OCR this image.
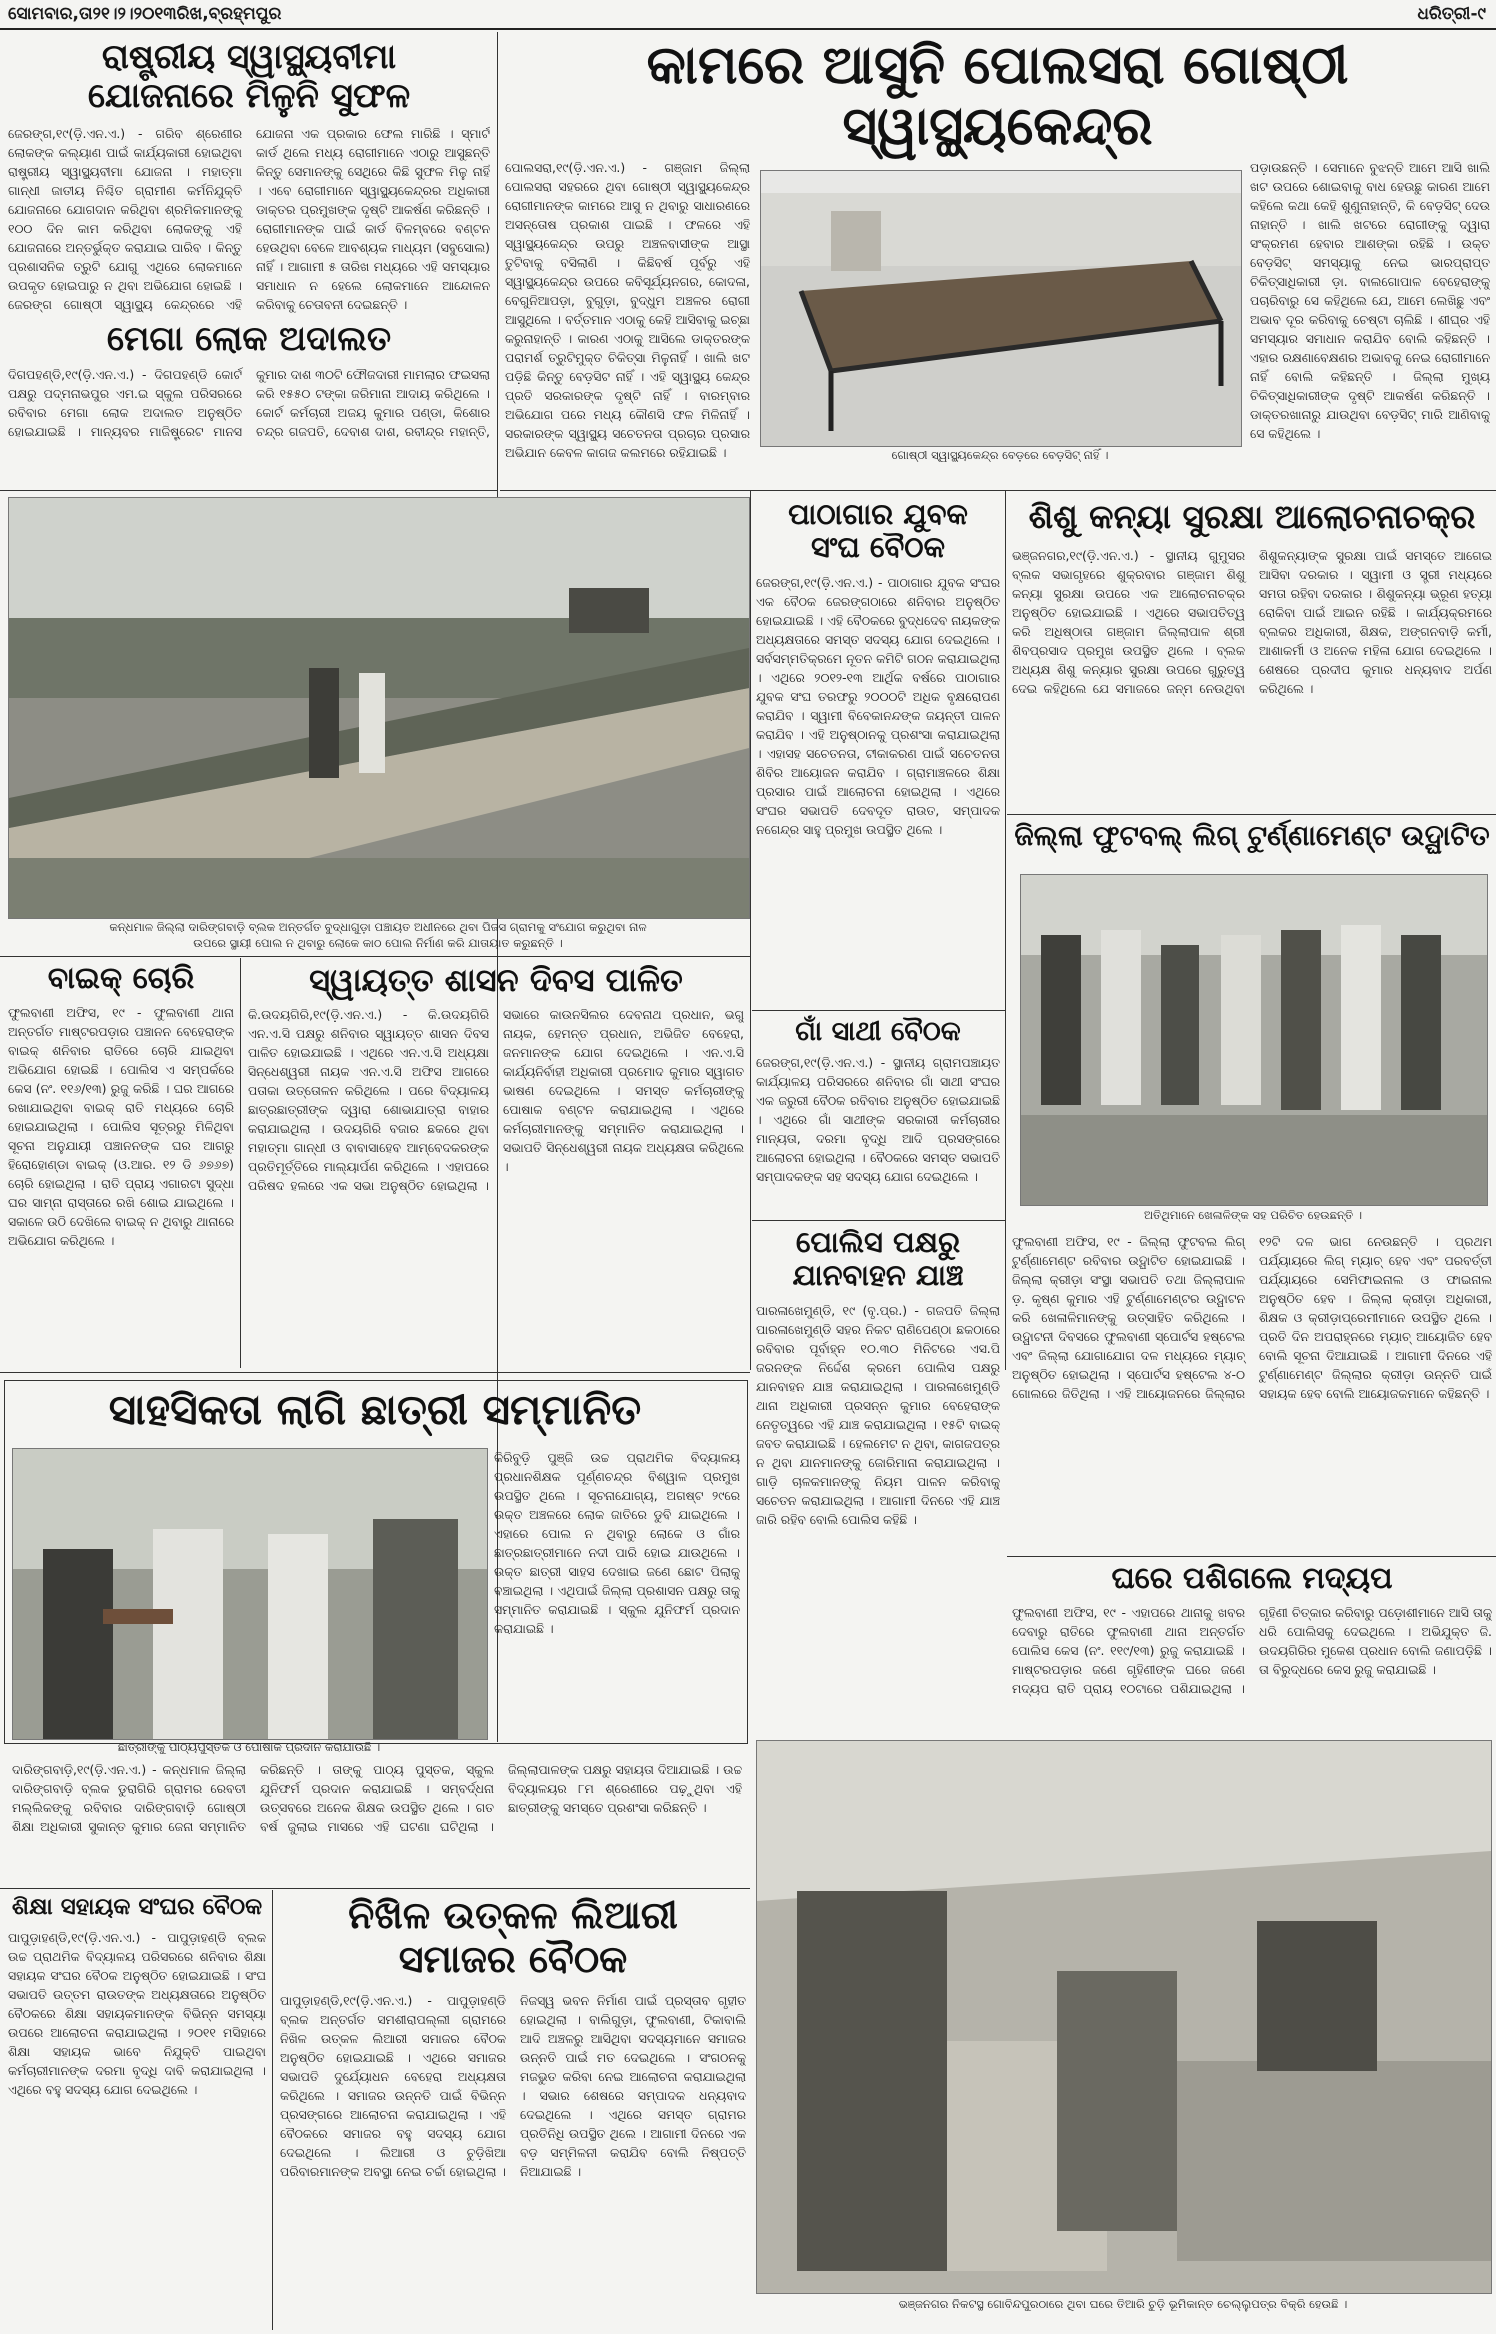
ସୋମବାର,ତା୨୧।୨।୨୦୧୩ରିଖ,ବ୍ରହ୍ମପୁର	ଧରିତ୍ରୀ-୯

ରାଷ୍ଟ୍ରୀୟ ସ୍ୱାସ୍ଥ୍ୟବୀମା

ଯୋଜନାରେ ମିଳୁନି ସୁଫଳ

ଜେରଙ୍ଗ,୧୯(ଡ଼ି.ଏନ.ଏ.) - ଗରିବ ଶ୍ରେଣୀର ଲୋକଙ୍କ କଲ୍ୟାଣ ପାଇଁ କାର୍ଯ୍ୟକାରୀ ହୋଇଥିବା ରାଷ୍ଟ୍ରୀୟ ସ୍ୱାସ୍ଥ୍ୟବୀମା ଯୋଜନା । ମହାତ୍ମା ଗାନ୍ଧୀ ଜାତୀୟ ନିଶ୍ଚିତ ଗ୍ରାମୀଣ କର୍ମନିଯୁକ୍ତି ଯୋଜନାରେ ଯୋଗଦାନ କରିଥିବା ଶ୍ରମିକମାନଙ୍କୁ ୧୦୦ ଦିନ କାମ କରିଥିବା ଲୋକଙ୍କୁ ଏହି ଯୋଜନାରେ ଅନ୍ତର୍ଭୁକ୍ତ କରାଯାଇ ପାରିବ । କିନ୍ତୁ ପ୍ରଶାସନିକ ତ୍ରୁଟି ଯୋଗୁ ଏଥିରେ ଲୋକମାନେ ଉପକୃତ ହୋଇପାରୁ ନ ଥିବା ଅଭିଯୋଗ ହୋଇଛି । ଜେରଙ୍ଗ ଗୋଷ୍ଠୀ ସ୍ୱାସ୍ଥ୍ୟ କେନ୍ଦ୍ରରେ ଏହି ଯୋଜନା ଏକ ପ୍ରକାର ଫେଲ ମାରିଛି । ସ୍ମାର୍ଟ କାର୍ଡ ଥିଲେ ମଧ୍ୟ ରୋଗୀମାନେ ଏଠାରୁ ଆସୁଛନ୍ତି କିନ୍ତୁ ସେମାନଙ୍କୁ ସେଥିରେ କିଛି ସୁଫଳ ମିଳୁ ନାହିଁ । ଏବେ ରୋଗୀମାନେ ସ୍ୱାସ୍ଥ୍ୟକେନ୍ଦ୍ରର ଅଧିକାରୀ ଡାକ୍ତର ପ୍ରମୁଖଙ୍କ ଦୃଷ୍ଟି ଆକର୍ଷଣ କରିଛନ୍ତି । ରୋଗୀମାନଙ୍କ ପାଇଁ କାର୍ଡ ବିଳମ୍ବରେ ବଣ୍ଟନ ହେଉଥିବା ବେଳେ ଆବଶ୍ୟକ ମାଧ୍ୟମ (ସବୁସୋଲ) ନାହିଁ । ଆଗାମୀ ୫ ତାରିଖ ମଧ୍ୟରେ ଏହି ସମସ୍ୟାର ସମାଧାନ ନ ହେଲେ ଲୋକମାନେ ଆନ୍ଦୋଳନ କରିବାକୁ ଚେତାବନୀ ଦେଇଛନ୍ତି ।

କାମରେ ଆସୁନି ପୋଲସରା ଗୋଷ୍ଠୀ ସ୍ୱାସ୍ଥ୍ୟକେନ୍ଦ୍ର

ପୋଲସରା,୧୯(ଡ଼ି.ଏନ.ଏ.) - ଗଞ୍ଜାମ ଜିଲ୍ଲା ପୋଲସରା ସହରରେ ଥିବା ଗୋଷ୍ଠୀ ସ୍ୱାସ୍ଥ୍ୟକେନ୍ଦ୍ର ରୋଗୀମାନଙ୍କ କାମରେ ଆସୁ ନ ଥିବାରୁ ସାଧାରଣରେ ଅସନ୍ତୋଷ ପ୍ରକାଶ ପାଇଛି । ଫଳରେ ଏହି ସ୍ୱାସ୍ଥ୍ୟକେନ୍ଦ୍ର ଉପରୁ ଅଞ୍ଚଳବାସୀଙ୍କ ଆସ୍ଥା ତୁଟିବାକୁ ବସିଲାଣି । କିଛିବର୍ଷ ପୂର୍ବରୁ ଏହି ସ୍ୱାସ୍ଥ୍ୟକେନ୍ଦ୍ର ଉପରେ କବିସୂର୍ଯ୍ୟନଗର, କୋଦଳା, ବେଗୁନିଆପଡ଼ା, ବୁଗୁଡ଼ା, ବୁଦ୍ଧୁମ ଅଞ୍ଚଳର ରୋଗୀ ଆସୁଥିଲେ । ବର୍ତ୍ତମାନ ଏଠାକୁ କେହି ଆସିବାକୁ ଇଚ୍ଛା କରୁନାହାନ୍ତି । କାରଣ ଏଠାକୁ ଆସିଲେ ଡାକ୍ତରଙ୍କ ପରାମର୍ଶ ତ୍ରୁଟିମୁକ୍ତ ଚିକିତ୍ସା ମିଳୁନାହିଁ । ଖାଲି ଖଟ ପଡ଼ିଛି କିନ୍ତୁ ବେଡ଼ସିଟ ନାହିଁ । ଏହି ସ୍ୱାସ୍ଥ୍ୟ କେନ୍ଦ୍ର ପ୍ରତି ସରକାରଙ୍କ ଦୃଷ୍ଟି ନାହିଁ । ବାରମ୍ବାର ଅଭିଯୋଗ ପରେ ମଧ୍ୟ କୌଣସି ଫଳ ମିଳିନାହିଁ । ସରକାରଙ୍କ ସ୍ୱାସ୍ଥ୍ୟ ସଚେତନତା ପ୍ରଚାର ପ୍ରସାର ଅଭିଯାନ କେବଳ କାଗଜ କଲମରେ ରହିଯାଇଛି ।	ଗୋଷ୍ଠୀ ସ୍ୱାସ୍ଥ୍ୟକେନ୍ଦ୍ର ବେଡ଼ରେ ବେଡ଼ସିଟ୍ ନାହିଁ ।
ପଡ଼ାଉଛନ୍ତି । ସେମାନେ ବୁଝନ୍ତି ଆମେ ଆସି ଖାଲି ଖଟ ଉପରେ ଶୋଇବାକୁ ବାଧ ହେଉଛୁ କାରଣ ଆମେ କହିଲେ କଥା କେହି ଶୁଣୁନାହାନ୍ତି, କି ବେଡ଼ସିଟ୍ ଦେଉ ନାହାନ୍ତି । ଖାଲି ଖଟରେ ରୋଗୀଙ୍କୁ ଦ୍ୱାରା ସଂକ୍ରମଣ ହେବାର ଆଶଙ୍କା ରହିଛି । ଉକ୍ତ ବେଡ଼ସିଟ୍ ସମସ୍ୟାକୁ ନେଇ ଭାରପ୍ରାପ୍ତ ଚିକିତ୍ସାଧିକାରୀ ଡ଼ା. ବାଲଗୋପାଳ ବେହେରାଙ୍କୁ ପଚାରିବାରୁ ସେ କହିଥିଲେ ଯେ, ଆମେ ଲେଖିଛୁ ଏବଂ ଅଭାବ ଦୂର କରିବାକୁ ଚେଷ୍ଟା ଚାଲିଛି । ଶୀଘ୍ର ଏହି ସମସ୍ୟାର ସମାଧାନ କରାଯିବ ବୋଲି କହିଛନ୍ତି । ଏହାର ରକ୍ଷଣାବେକ୍ଷଣର ଅଭାବକୁ ନେଇ ରୋଗୀମାନେ ନାହିଁ ବୋଲି କହିଛନ୍ତି । ଜିଲ୍ଲା ମୁଖ୍ୟ ଚିକିତ୍ସାଧିକାରୀଙ୍କ ଦୃଷ୍ଟି ଆକର୍ଷଣ କରିଛନ୍ତି । ଡାକ୍ତରଖାନାରୁ ଯାଉଥିବା ବେଡ଼ସିଟ୍ ମାରି ଆଣିବାକୁ ସେ କହିଥିଲେ ।

ମେଗା ଲୋକ ଅଦାଲତ

ଦିଗପହଣ୍ଡି,୧୯(ଡ଼ି.ଏନ.ଏ.) - ଦିଗପହଣ୍ଡି କୋର୍ଟ ପକ୍ଷରୁ ପଦ୍ମନାଭପୁର ଏମ.ଇ ସ୍କୁଲ ପରିସରରେ ରବିବାର ମେଗା ଲୋକ ଅଦାଲତ ଅନୁଷ୍ଠିତ ହୋଇଯାଇଛି । ମାନ୍ୟବର ମାଜିଷ୍ଟ୍ରେଟ ମାନସ କୁମାର ଦାଶ ୩୦ଟି ଫୌଜଦାରୀ ମାମଲାର ଫଇସଲା କରି ୧୫୫୦ ଟଙ୍କା ଜରିମାନା ଆଦାୟ କରିଥିଲେ । କୋର୍ଟ କର୍ମଚାରୀ ଅଜୟ କୁମାର ପଣ୍ଡା, କିଶୋର ଚନ୍ଦ୍ର ଗଜପତି, ଦେବାଶ ଦାଶ, ରବୀନ୍ଦ୍ର ମହାନ୍ତି,
କନ୍ଧମାଳ ଜିଲ୍ଲା ଦାରିଙ୍ଗବାଡ଼ି ବ୍ଲକ ଅନ୍ତର୍ଗତ ବୁଦ୍ଧାଗୁଡ଼ା ପଞ୍ଚାୟତ ଅଧୀନରେ ଥିବା ପିଜସ ଗ୍ରାମକୁ ସଂଯୋଗ କରୁଥିବା ନାଳ
ଉପରେ ସ୍ଥାୟୀ ପୋଲ ନ ଥିବାରୁ ଲୋକେ କାଠ ପୋଲ ନିର୍ମାଣ କରି ଯାତାୟାତ କରୁଛନ୍ତି ।

ବାଇକ୍ ଚୋରି

ଫୁଲବାଣୀ ଅଫିସ, ୧୯ - ଫୁଲବାଣୀ ଥାନା ଅନ୍ତର୍ଗତ ମାଷ୍ଟରପଡ଼ାର ପଞ୍ଚାନନ ବେହେରାଙ୍କ ବାଇକ୍ ଶନିବାର ରାତିରେ ଚୋରି ଯାଇଥିବା ଅଭିଯୋଗ ହୋଇଛି । ପୋଲିସ ଏ ସମ୍ପର୍କରେ କେସ (ନଂ. ୧୧୬/୧୩) ରୁଜୁ କରିଛି । ଘର ଆଗରେ ରଖାଯାଇଥିବା ବାଇକ୍ ରାତି ମଧ୍ୟରେ ଚୋରି ହୋଇଯାଇଥିଲା । ପୋଲିସ ସୂତ୍ରରୁ ମିଳିଥିବା ସୂଚନା ଅନୁଯାୟୀ ପଞ୍ଚାନନଙ୍କ ଘର ଆଗରୁ ହିରୋହୋଣ୍ଡା ବାଇକ୍ (ଓ.ଆର. ୧୨ ଡି ୬୭୬୭) ଚୋରି ହୋଇଥିଲା । ରାତି ପ୍ରାୟ ଏଗାରଟା ସୁଦ୍ଧା ଘର ସାମ୍ନା ରାସ୍ତାରେ ରଖି ଶୋଇ ଯାଇଥିଲେ । ସକାଳେ ଉଠି ଦେଖିଲେ ବାଇକ୍ ନ ଥିବାରୁ ଥାନାରେ ଅଭିଯୋଗ କରିଥିଲେ ।

ସ୍ୱାୟତ୍ତ ଶାସନ ଦିବସ ପାଳିତ

କି.ଉଦୟଗିରି,୧୯(ଡ଼ି.ଏନ.ଏ.) - କି.ଉଦୟଗିରି ଏନ.ଏ.ସି ପକ୍ଷରୁ ଶନିବାର ସ୍ୱାୟତ୍ତ ଶାସନ ଦିବସ ପାଳିତ ହୋଇଯାଇଛି । ଏଥିରେ ଏନ.ଏ.ସି ଅଧ୍ୟକ୍ଷା ସିନ୍ଧେଶ୍ୱରୀ ନାୟକ ଏନ.ଏ.ସି ଅଫିସ ଆଗରେ ପତାକା ଉତ୍ତୋଳନ କରିଥିଲେ । ପରେ ବିଦ୍ୟାଳୟ ଛାତ୍ରଛାତ୍ରୀଙ୍କ ଦ୍ୱାରା ଶୋଭାଯାତ୍ରା ବାହାର କରାଯାଇଥିଲା । ଉଦୟଗିରି ବଜାର ଛକରେ ଥିବା ମହାତ୍ମା ଗାନ୍ଧୀ ଓ ବାବାସାହେବ ଆମ୍ବେଦକରଙ୍କ ପ୍ରତିମୂର୍ତ୍ତିରେ ମାଲ୍ୟାର୍ପଣ କରିଥିଲେ । ଏହାପରେ ପରିଷଦ ହଲରେ ଏକ ସଭା ଅନୁଷ୍ଠିତ ହୋଇଥିଲା । ସଭାରେ କାଉନସିଲର ଦେବନାଥ ପ୍ରଧାନ, ଭଗୁ ନାୟକ, ହେମନ୍ତ ପ୍ରଧାନ, ଅଭିଜିତ ବେହେରା, ଜନମାନଙ୍କ ଯୋଗ ଦେଇଥିଲେ । ଏନ.ଏ.ସି କାର୍ଯ୍ୟନିର୍ବାହୀ ଅଧିକାରୀ ପ୍ରମୋଦ କୁମାର ସ୍ୱାଗତ ଭାଷଣ ଦେଇଥିଲେ । ସମସ୍ତ କର୍ମଚାରୀଙ୍କୁ ପୋଷାକ ବଣ୍ଟନ କରାଯାଇଥିଲା । ଏଥିରେ କର୍ମଚାରୀମାନଙ୍କୁ ସମ୍ମାନିତ କରାଯାଇଥିଲା । ସଭାପତି ସିନ୍ଧେଶ୍ୱରୀ ନାୟକ ଅଧ୍ୟକ୍ଷତା କରିଥିଲେ ।

ସାହସିକତା ଲାଗି ଛାତ୍ରୀ ସମ୍ମାନିତ

ଛାତ୍ରୀଙ୍କୁ ପାଠ୍ୟପୁସ୍ତକ ଓ ପୋଷାକ ପ୍ରଦାନ କରାଯାଉଛି ।
କିରିବୁଡ଼ି ପୁଞ୍ଜି ଉଚ୍ଚ ପ୍ରାଥମିକ ବିଦ୍ୟାଳୟ ପ୍ରଧାନଶିକ୍ଷକ ପୂର୍ଣ୍ଣଚନ୍ଦ୍ର ବିଶ୍ୱାଳ ପ୍ରମୁଖ ଉପସ୍ଥିତ ଥିଲେ । ସୂଚନାଯୋଗ୍ୟ, ଅଗଷ୍ଟ ୨୯ରେ ଉକ୍ତ ଅଞ୍ଚଳରେ ଲୋକ ଜାତିରେ ଡୁବି ଯାଇଥିଲେ । ଏହାରେ ପୋଲ ନ ଥିବାରୁ ଲୋକେ ଓ ଗାଁର ଛାତ୍ରଛାତ୍ରୀମାନେ ନଦୀ ପାରି ହୋଇ ଯାଉଥିଲେ । ଉକ୍ତ ଛାତ୍ରୀ ସାହସ ଦେଖାଇ ଜଣେ ଛୋଟ ପିଲାକୁ ବଞ୍ଚାଇଥିଲା । ଏଥିପାଇଁ ଜିଲ୍ଲା ପ୍ରଶାସନ ପକ୍ଷରୁ ତାକୁ ସମ୍ମାନିତ କରାଯାଇଛି । ସ୍କୁଲ ଯୁନିଫର୍ମ ପ୍ରଦାନ କରାଯାଇଛି ।
ଦାରିଙ୍ଗବାଡ଼ି,୧୯(ଡ଼ି.ଏନ.ଏ.) - କନ୍ଧମାଳ ଜିଲ୍ଲା ଦାରିଙ୍ଗବାଡ଼ି ବ୍ଲକ ଡୁରାଗିରି ଗ୍ରାମର ରେବତୀ ମଲ୍ଲିକଙ୍କୁ ରବିବାର ଦାରିଙ୍ଗବାଡ଼ି ଗୋଷ୍ଠୀ ଶିକ୍ଷା ଅଧିକାରୀ ସୁକାନ୍ତ କୁମାର ଜେନା ସମ୍ମାନିତ କରିଛନ୍ତି । ତାଙ୍କୁ ପାଠ୍ୟ ପୁସ୍ତକ, ସ୍କୁଲ ଯୁନିଫର୍ମ ପ୍ରଦାନ କରାଯାଇଛି । ସମ୍ବର୍ଦ୍ଧନା ଉତ୍ସବରେ ଅନେକ ଶିକ୍ଷକ ଉପସ୍ଥିତ ଥିଲେ । ଗତ ବର୍ଷ ଜୁଲାଇ ମାସରେ ଏହି ଘଟଣା ଘଟିଥିଲା । ଜିଲ୍ଲାପାଳଙ୍କ ପକ୍ଷରୁ ସହାୟତା ଦିଆଯାଇଛି । ଉଚ୍ଚ ବିଦ୍ୟାଳୟର ୮ମ ଶ୍ରେଣୀରେ ପଢ଼ୁଥିବା ଏହି ଛାତ୍ରୀଙ୍କୁ ସମସ୍ତେ ପ୍ରଶଂସା କରିଛନ୍ତି ।

ଶିକ୍ଷା ସହାୟକ ସଂଘର ବୈଠକ

ପାପୁଡ଼ାହଣ୍ଡି,୧୯(ଡ଼ି.ଏନ.ଏ.) - ପାପୁଡ଼ାହଣ୍ଡି ବ୍ଲକ ଉଚ୍ଚ ପ୍ରାଥମିକ ବିଦ୍ୟାଳୟ ପରିସରରେ ଶନିବାର ଶିକ୍ଷା ସହାୟକ ସଂଘର ବୈଠକ ଅନୁଷ୍ଠିତ ହୋଇଯାଇଛି । ସଂଘ ସଭାପତି ଉତ୍ତମ ରାଉତଙ୍କ ଅଧ୍ୟକ୍ଷତାରେ ଅନୁଷ୍ଠିତ ବୈଠକରେ ଶିକ୍ଷା ସହାୟକମାନଙ୍କ ବିଭିନ୍ନ ସମସ୍ୟା ଉପରେ ଆଲୋଚନା କରାଯାଇଥିଲା । ୨୦୧୧ ମସିହାରେ ଶିକ୍ଷା ସହାୟକ ଭାବେ ନିଯୁକ୍ତି ପାଇଥିବା କର୍ମଚାରୀମାନଙ୍କ ଦରମା ବୃଦ୍ଧି ଦାବି କରାଯାଇଥିଲା । ଏଥିରେ ବହୁ ସଦସ୍ୟ ଯୋଗ ଦେଇଥିଲେ ।

ନିଖିଳ ଉତ୍କଳ ଲିଆରୀ

ସମାଜର ବୈଠକ

ପାପୁଡ଼ାହଣ୍ଡି,୧୯(ଡ଼ି.ଏନ.ଏ.) - ପାପୁଡ଼ାହଣ୍ଡି ବ୍ଲକ ଅନ୍ତର୍ଗତ ସମଶୀରାପଲ୍ଲୀ ଗ୍ରାମରେ ନିଖିଳ ଉତ୍କଳ ଲିଆରୀ ସମାଜର ବୈଠକ ଅନୁଷ୍ଠିତ ହୋଇଯାଇଛି । ଏଥିରେ ସମାଜର ସଭାପତି ଦୁର୍ଯ୍ୟୋଧନ ବେହେରା ଅଧ୍ୟକ୍ଷତା କରିଥିଲେ । ସମାଜର ଉନ୍ନତି ପାଇଁ ବିଭିନ୍ନ ପ୍ରସଙ୍ଗରେ ଆଲୋଚନା କରାଯାଇଥିଲା । ଏହି ବୈଠକରେ ସମାଜର ବହୁ ସଦସ୍ୟ ଯୋଗ ଦେଇଥିଲେ । ଲିଆରୀ ଓ ଚୁଡ଼ିଖିଆ ପରିବାରମାନଙ୍କ ଅବସ୍ଥା ନେଇ ଚର୍ଚ୍ଚା ହୋଇଥିଲା । ନିଜସ୍ୱ ଭବନ ନିର୍ମାଣ ପାଇଁ ପ୍ରସ୍ତାବ ଗୃହୀତ ହୋଇଥିଲା । ବାଲିଗୁଡ଼ା, ଫୁଲବାଣୀ, ଟିକାବାଲି ଆଦି ଅଞ୍ଚଳରୁ ଆସିଥିବା ସଦସ୍ୟମାନେ ସମାଜର ଉନ୍ନତି ପାଇଁ ମତ ଦେଇଥିଲେ । ସଂଗଠନକୁ ମଜଭୁତ କରିବା ନେଇ ଆଲୋଚନା କରାଯାଇଥିଲା । ସଭାର ଶେଷରେ ସମ୍ପାଦକ ଧନ୍ୟବାଦ ଦେଇଥିଲେ । ଏଥିରେ ସମସ୍ତ ଗ୍ରାମର ପ୍ରତିନିଧି ଉପସ୍ଥିତ ଥିଲେ । ଆଗାମୀ ଦିନରେ ଏକ ବଡ଼ ସମ୍ମିଳନୀ କରାଯିବ ବୋଲି ନିଷ୍ପତ୍ତି ନିଆଯାଇଛି ।

ପାଠାଗାର ଯୁବକ

ସଂଘ ବୈଠକ

ଜେରଙ୍ଗ,୧୯(ଡ଼ି.ଏନ.ଏ.) - ପାଠାଗାର ଯୁବକ ସଂଘର ଏକ ବୈଠକ ଜେରଙ୍ଗଠାରେ ଶନିବାର ଅନୁଷ୍ଠିତ ହୋଇଯାଇଛି । ଏହି ବୈଠକରେ ବୁଦ୍ଧଦେବ ନାୟକଙ୍କ ଅଧ୍ୟକ୍ଷତାରେ ସମସ୍ତ ସଦସ୍ୟ ଯୋଗ ଦେଇଥିଲେ । ସର୍ବସମ୍ମତିକ୍ରମେ ନୂତନ କମିଟି ଗଠନ କରାଯାଇଥିଲା । ଏଥିରେ ୨୦୧୨-୧୩ ଆର୍ଥିକ ବର୍ଷରେ ପାଠାଗାର ଯୁବକ ସଂଘ ତରଫରୁ ୨୦୦୦ଟି ଅଧିକ ବୃକ୍ଷରୋପଣ କରାଯିବ । ସ୍ୱାମୀ ବିବେକାନନ୍ଦଙ୍କ ଜୟନ୍ତୀ ପାଳନ କରାଯିବ । ଏହି ଅନୁଷ୍ଠାନକୁ ପ୍ରଶଂସା କରାଯାଇଥିଲା । ଏହାସହ ସଚେତନତା, ଟୀକାକରଣ ପାଇଁ ସଚେତନତା ଶିବିର ଆୟୋଜନ କରାଯିବ । ଗ୍ରାମାଞ୍ଚଳରେ ଶିକ୍ଷା ପ୍ରସାର ପାଇଁ ଆଲୋଚନା ହୋଇଥିଲା । ଏଥିରେ ସଂଘର ସଭାପତି ଦେବଦୂତ ରାଉତ, ସମ୍ପାଦକ ନଗେନ୍ଦ୍ର ସାହୁ ପ୍ରମୁଖ ଉପସ୍ଥିତ ଥିଲେ ।

ଗାଁ ସାଥୀ ବୈଠକ

ଜେରଙ୍ଗ,୧୯(ଡ଼ି.ଏନ.ଏ.) - ସ୍ଥାନୀୟ ଗ୍ରାମପଞ୍ଚାୟତ କାର୍ଯ୍ୟାଳୟ ପରିସରରେ ଶନିବାର ଗାଁ ସାଥୀ ସଂଘର ଏକ ଜରୁରୀ ବୈଠକ ରବିବାର ଅନୁଷ୍ଠିତ ହୋଇଯାଇଛି । ଏଥିରେ ଗାଁ ସାଥୀଙ୍କ ସରକାରୀ କର୍ମଚାରୀର ମାନ୍ୟତା, ଦରମା ବୃଦ୍ଧି ଆଦି ପ୍ରସଙ୍ଗରେ ଆଲୋଚନା ହୋଇଥିଲା । ବୈଠକରେ ସମସ୍ତ ସଭାପତି ସମ୍ପାଦକଙ୍କ ସହ ସଦସ୍ୟ ଯୋଗ ଦେଇଥିଲେ ।

ପୋଲିସ ପକ୍ଷରୁ

ଯାନବାହନ ଯାଞ୍ଚ

ପାରଳାଖେମୁଣ୍ଡି, ୧୯ (ବୃ.ପ୍ର.) - ଗଜପତି ଜିଲ୍ଲା ପାରଳାଖେମୁଣ୍ଡି ସହର ନିକଟ ରାଣିପେଣ୍ଠା ଛକଠାରେ ରବିବାର ପୂର୍ବାହ୍ନ ୧୦.୩୦ ମିନିଟରେ ଏସ.ପି ଜରନଙ୍କ ନିର୍ଦ୍ଦେଶ କ୍ରମେ ପୋଲିସ ପକ୍ଷରୁ ଯାନବାହନ ଯାଞ୍ଚ କରାଯାଇଥିଲା । ପାରଳାଖେମୁଣ୍ଡି ଥାନା ଅଧିକାରୀ ପ୍ରସନ୍ନ କୁମାର ବେହେରାଙ୍କ ନେତୃତ୍ୱରେ ଏହି ଯାଞ୍ଚ କରାଯାଇଥିଲା । ୧୫ଟି ବାଇକ୍ ଜବତ କରାଯାଇଛି । ହେଲମେଟ ନ ଥିବା, କାଗଜପତ୍ର ନ ଥିବା ଯାନମାନଙ୍କୁ ଜୋରିମାନା କରାଯାଇଥିଲା । ଗାଡ଼ି ଚାଳକମାନଙ୍କୁ ନିୟମ ପାଳନ କରିବାକୁ ସଚେତନ କରାଯାଇଥିଲା । ଆଗାମୀ ଦିନରେ ଏହି ଯାଞ୍ଚ ଜାରି ରହିବ ବୋଲି ପୋଲିସ କହିଛି ।

ଶିଶୁ କନ୍ୟା ସୁରକ୍ଷା ଆଲୋଚନାଚକ୍ର

ଭଞ୍ଜନଗର,୧୯(ଡ଼ି.ଏନ.ଏ.) - ସ୍ଥାନୀୟ ଗୁମୁସର ବ୍ଲକ ସଭାଗୃହରେ ଶୁକ୍ରବାର ଗଞ୍ଜାମ ଶିଶୁ କନ୍ୟା ସୁରକ୍ଷା ଉପରେ ଏକ ଆଲୋଚନାଚକ୍ର ଅନୁଷ୍ଠିତ ହୋଇଯାଇଛି । ଏଥିରେ ସଭାପତିତ୍ୱ କରି ଅଧିଷ୍ଠାତା ଗଞ୍ଜାମ ଜିଲ୍ଲାପାଳ ଶ୍ରୀ ଶିବପ୍ରସାଦ ପ୍ରମୁଖ ଉପସ୍ଥିତ ଥିଲେ । ବ୍ଲକ ଅଧ୍ୟକ୍ଷ ଶିଶୁ କନ୍ୟାର ସୁରକ୍ଷା ଉପରେ ଗୁରୁତ୍ୱ ଦେଇ କହିଥିଲେ ଯେ ସମାଜରେ ଜନ୍ମ ନେଉଥିବା ଶିଶୁକନ୍ୟାଙ୍କ ସୁରକ୍ଷା ପାଇଁ ସମସ୍ତେ ଆଗେଇ ଆସିବା ଦରକାର । ସ୍ୱାମୀ ଓ ସ୍ତ୍ରୀ ମଧ୍ୟରେ ସମତା ରହିବା ଦରକାର । ଶିଶୁକନ୍ୟା ଭ୍ରୂଣ ହତ୍ୟା ରୋକିବା ପାଇଁ ଆଇନ ରହିଛି । କାର୍ଯ୍ୟକ୍ରମରେ ବ୍ଲକର ଅଧିକାରୀ, ଶିକ୍ଷକ, ଅଙ୍ଗନବାଡ଼ି କର୍ମୀ, ଆଶାକର୍ମୀ ଓ ଅନେକ ମହିଳା ଯୋଗ ଦେଇଥିଲେ । ଶେଷରେ ପ୍ରଦୀପ କୁମାର ଧନ୍ୟବାଦ ଅର୍ପଣ କରିଥିଲେ ।

ଜିଲ୍ଲା ଫୁଟବଲ୍ ଲିଗ୍ ଟୁର୍ଣ୍ଣାମେଣ୍ଟ ଉଦ୍ଘାଟିତ

ଅତିଥିମାନେ ଖେଳାଳିଙ୍କ ସହ ପରିଚିତ ହେଉଛନ୍ତି ।
ଫୁଲବାଣୀ ଅଫିସ, ୧୯ - ଜିଲ୍ଲା ଫୁଟବଲ ଲିଗ୍ ଟୁର୍ଣ୍ଣାମେଣ୍ଟ ରବିବାର ଉଦ୍ଘାଟିତ ହୋଇଯାଇଛି । ଜିଲ୍ଲା କ୍ରୀଡ଼ା ସଂସ୍ଥା ସଭାପତି ତଥା ଜିଲ୍ଲାପାଳ ଡ଼. କୃଷ୍ଣ କୁମାର ଏହି ଟୁର୍ଣ୍ଣାମେଣ୍ଟର ଉଦ୍ଘାଟନ କରି ଖେଳାଳିମାନଙ୍କୁ ଉତ୍ସାହିତ କରିଥିଲେ । ଉଦ୍ଘାଟନୀ ଦିବସରେ ଫୁଲବାଣୀ ସ୍ପୋର୍ଟସ ହଷ୍ଟେଲ ଏବଂ ଜିଲ୍ଲା ଯୋଗାଯୋଗ ଦଳ ମଧ୍ୟରେ ମ୍ୟାଚ୍ ଅନୁଷ୍ଠିତ ହୋଇଥିଲା । ସ୍ପୋର୍ଟସ ହଷ୍ଟେଲ ୪-୦ ଗୋଲରେ ଜିତିଥିଲା । ଏହି ଆୟୋଜନରେ ଜିଲ୍ଲାର ୧୨ଟି ଦଳ ଭାଗ ନେଉଛନ୍ତି । ପ୍ରଥମ ପର୍ଯ୍ୟାୟରେ ଲିଗ୍ ମ୍ୟାଚ୍ ହେବ ଏବଂ ପରବର୍ତ୍ତୀ ପର୍ଯ୍ୟାୟରେ ସେମିଫାଇନାଲ ଓ ଫାଇନାଲ ଅନୁଷ୍ଠିତ ହେବ । ଜିଲ୍ଲା କ୍ରୀଡ଼ା ଅଧିକାରୀ, ଶିକ୍ଷକ ଓ କ୍ରୀଡ଼ାପ୍ରେମୀମାନେ ଉପସ୍ଥିତ ଥିଲେ । ପ୍ରତି ଦିନ ଅପରାହ୍ନରେ ମ୍ୟାଚ୍ ଆୟୋଜିତ ହେବ ବୋଲି ସୂଚନା ଦିଆଯାଇଛି । ଆଗାମୀ ଦିନରେ ଏହି ଟୁର୍ଣ୍ଣାମେଣ୍ଟ ଜିଲ୍ଲାର କ୍ରୀଡ଼ା ଉନ୍ନତି ପାଇଁ ସହାୟକ ହେବ ବୋଲି ଆୟୋଜକମାନେ କହିଛନ୍ତି ।

ଘରେ ପଶିଗଲେ ମଦ୍ୟପ

ଫୁଲବାଣୀ ଅଫିସ, ୧୯ - ଏହାପରେ ଥାନାକୁ ଖବର ଦେବାରୁ ରାତିରେ ଫୁଲବାଣୀ ଥାନା ଅନ୍ତର୍ଗତ ପୋଲିସ କେସ (ନଂ. ୧୧୯/୧୩) ରୁଜୁ କରାଯାଇଛି । ମାଷ୍ଟରପଡ଼ାର ଜଣେ ଗୃହିଣୀଙ୍କ ଘରେ ଜଣେ ମଦ୍ୟପ ରାତି ପ୍ରାୟ ୧୦ଟାରେ ପଶିଯାଇଥିଲା । ଗୃହିଣୀ ଚିତ୍କାର କରିବାରୁ ପଡ଼ୋଶୀମାନେ ଆସି ତାକୁ ଧରି ପୋଲିସକୁ ଦେଇଥିଲେ । ଅଭିଯୁକ୍ତ ଜି. ଉଦୟଗିରିର ମୁକେଶ ପ୍ରଧାନ ବୋଲି ଜଣାପଡ଼ିଛି । ତା ବିରୁଦ୍ଧରେ କେସ ରୁଜୁ କରାଯାଇଛି ।
ଭଞ୍ଜନଗର ନିକଟସ୍ଥ ଗୋବିନ୍ଦପୁରଠାରେ ଥିବା ଘରେ ତିଆରି ଚୁଡ଼ି ଭୂମିକାନ୍ତ ଚେଲ୍ଲୁପତ୍ର ବିକ୍ରି ହେଉଛି ।
